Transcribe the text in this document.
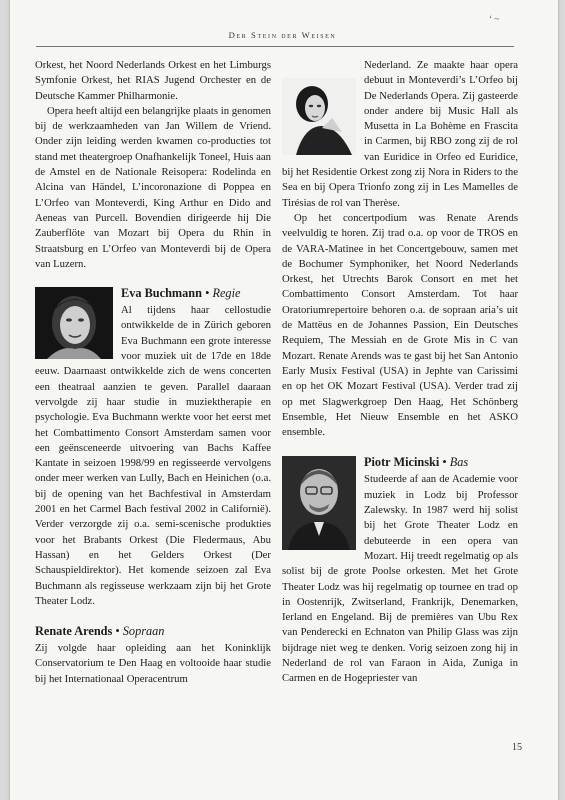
‘ ~
Der Stein der Weisen

Orkest, het Noord Nederlands Orkest en het Limburgs Symfonie Orkest, het RIAS Jugend Orchester en de Deutsche Kammer Philharmonie.

Opera heeft altijd een belangrijke plaats in genomen bij de werkzaamheden van Jan Willem de Vriend. Onder zijn leiding werden kwamen co-producties tot stand met theatergroep Onafhankelijk Toneel, Huis aan de Amstel en de Nationale Reisopera: Rodelinda en Alcina van Händel, L’incoronazione di Poppea en L’Orfeo van Monteverdi, King Arthur en Dido and Aeneas van Purcell. Bovendien dirigeerde hij Die Zauberflöte van Mozart bij Opera du Rhin in Straatsburg en L’Orfeo van Monteverdi bij de Opera van Luzern.

Eva Buchmann • Regie

Al tijdens haar cellostudie ontwikkelde de in Zürich geboren Eva Buchmann een grote interesse voor muziek uit de 17de en 18de eeuw. Daarnaast ontwikkelde zich de wens concerten een theatraal aanzien te geven. Parallel daaraan vervolgde zij haar studie in muziektherapie en psychologie. Eva Buchmann werkte voor het eerst met het Combattimento Consort Amsterdam samen voor een geënsceneerde uitvoering van Bachs Kaffee Kantate in seizoen 1998/99 en regisseerde vervolgens onder meer werken van Lully, Bach en Heinichen (o.a. bij de opening van het Bachfestival in Amsterdam 2001 en het Carmel Bach festival 2002 in Californië). Verder verzorgde zij o.a. semi-scenische produkties voor het Brabants Orkest (Die Fledermaus, Abu Hassan) en het Gelders Orkest (Der Schauspieldirektor). Het komende seizoen zal Eva Buchmann als regisseuse werkzaam zijn bij het Grote Theater Lodz.

Renate Arends • Sopraan

Zij volgde haar opleiding aan het Koninklijk Conservatorium te Den Haag en voltooide haar studie bij het Internationaal Operacentrum

Nederland. Ze maakte haar opera debuut in Monteverdi’s L’Orfeo bij De Nederlands Opera. Zij gasteerde onder andere bij Music Hall als Musetta in La Bohème en Frascita in Carmen, bij RBO zong zij de rol van Euridice in Orfeo ed Euridice, bij het Residentie Orkest zong zij Nora in Riders to the Sea en bij Opera Trionfo zong zij in Les Mamelles de Tirésias de rol van Therèse.

Op het concertpodium was Renate Arends veelvuldig te horen. Zij trad o.a. op voor de TROS en de VARA-Matinee in het Concertgebouw, samen met de Bochumer Symphoniker, het Noord Nederlands Orkest, het Utrechts Barok Consort en met het Combattimento Consort Amsterdam. Tot haar Oratoriumrepertoire behoren o.a. de sopraan aria’s uit de Mattëus en de Johannes Passion, Ein Deutsches Requiem, The Messiah en de Grote Mis in C van Mozart. Renate Arends was te gast bij het San Antonio Early Musix Festival (USA) in Jephte van Carissimi en op het OK Mozart Festival (USA). Verder trad zij op met Slagwerkgroep Den Haag, Het Schönberg Ensemble, Het Nieuw Ensemble en het ASKO ensemble.

Piotr Micinski • Bas

Studeerde af aan de Academie voor muziek in Lodz bij Professor Zalewsky. In 1987 werd hij solist bij het Grote Theater Lodz en debuteerde in een opera van Mozart. Hij treedt regelmatig op als solist bij de grote Poolse orkesten. Met het Grote Theater Lodz was hij regelmatig op tournee en trad op in Oostenrijk, Zwitserland, Frankrijk, Denemarken, Ierland en Engeland. Bij de premières van Ubu Rex van Penderecki en Echnaton van Philip Glass was zijn bijdrage niet weg te denken. Vorig seizoen zong hij in Nederland de rol van Faraon in Aida, Zuniga in Carmen en de Hogepriester van

15
